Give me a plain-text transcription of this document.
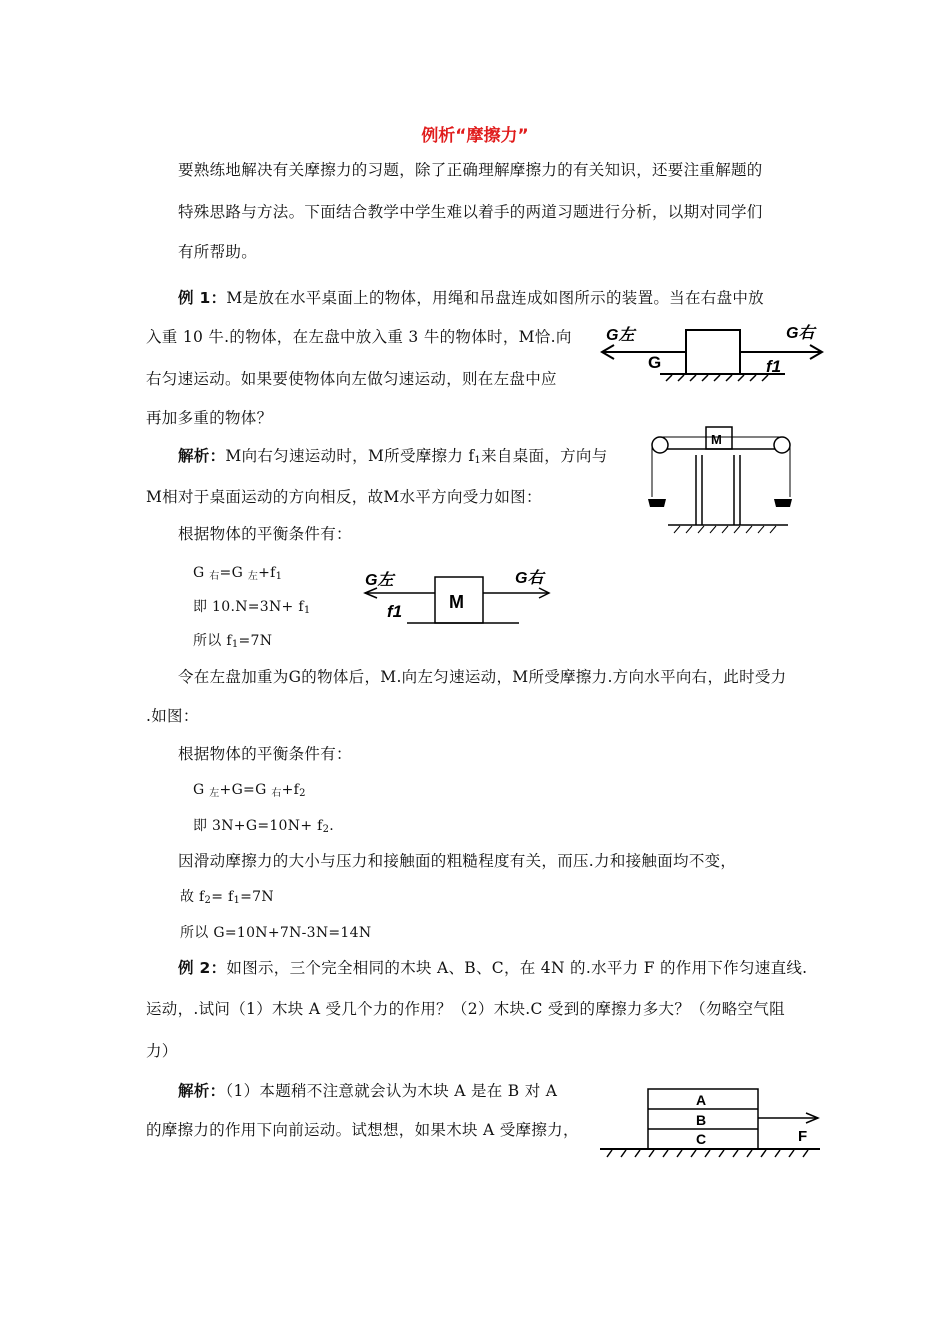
例析“摩擦力”
要熟练地解决有关摩擦力的习题，除了正确理解摩擦力的有关知识，还要注重解题的
特殊思路与方法。下面结合教学中学生难以着手的两道习题进行分析，以期对同学们
有所帮助。
例 1：M是放在水平桌面上的物体，用绳和吊盘连成如图所示的装置。当在右盘中放
入重 10 牛.的物体，在左盘中放入重 3 牛的物体时，M恰.向
右匀速运动。如果要使物体向左做匀速运动，则在左盘中应
再加多重的物体？
解析：M向右匀速运动时，M所受摩擦力 $f_1$来自桌面，方向与
M相对于桌面运动的方向相反，故M水平方向受力如图：
根据物体的平衡条件有：
G $_右$=G $_左+f_1$
即 $10.N=3N+ f_1$
所以 $f_1=7N$
令在左盘加重为G的物体后，M.向左匀速运动，M所受摩擦力.方向水平向右，此时受力
.如图：
根据物体的平衡条件有：
G $_左$+G=G $_右+f_2$
即 $3N+G=10N+ f_2$.
因滑动摩擦力的大小与压力和接触面的粗糙程度有关，而压.力和接触面均不变，
故 $f_2= f_1=7N$
所以 G=10N+7N-3N=14N
例 2：如图示，三个完全相同的木块 A、B、C，在 4N 的.水平力 F 的作用下作匀速直线.
运动，.试问（1）木块 A 受几个力的作用？（2）木块.C 受到的摩擦力多大？（勿略空气阻
力）
解析：（1）本题稍不注意就会认为木块 A 是在 B 对 A
的摩擦力的作用下向前运动。试想想，如果木块 A 受摩擦力，
G左	G右
G	f1
M
G左	G右
M
f1
A
B
C	F
